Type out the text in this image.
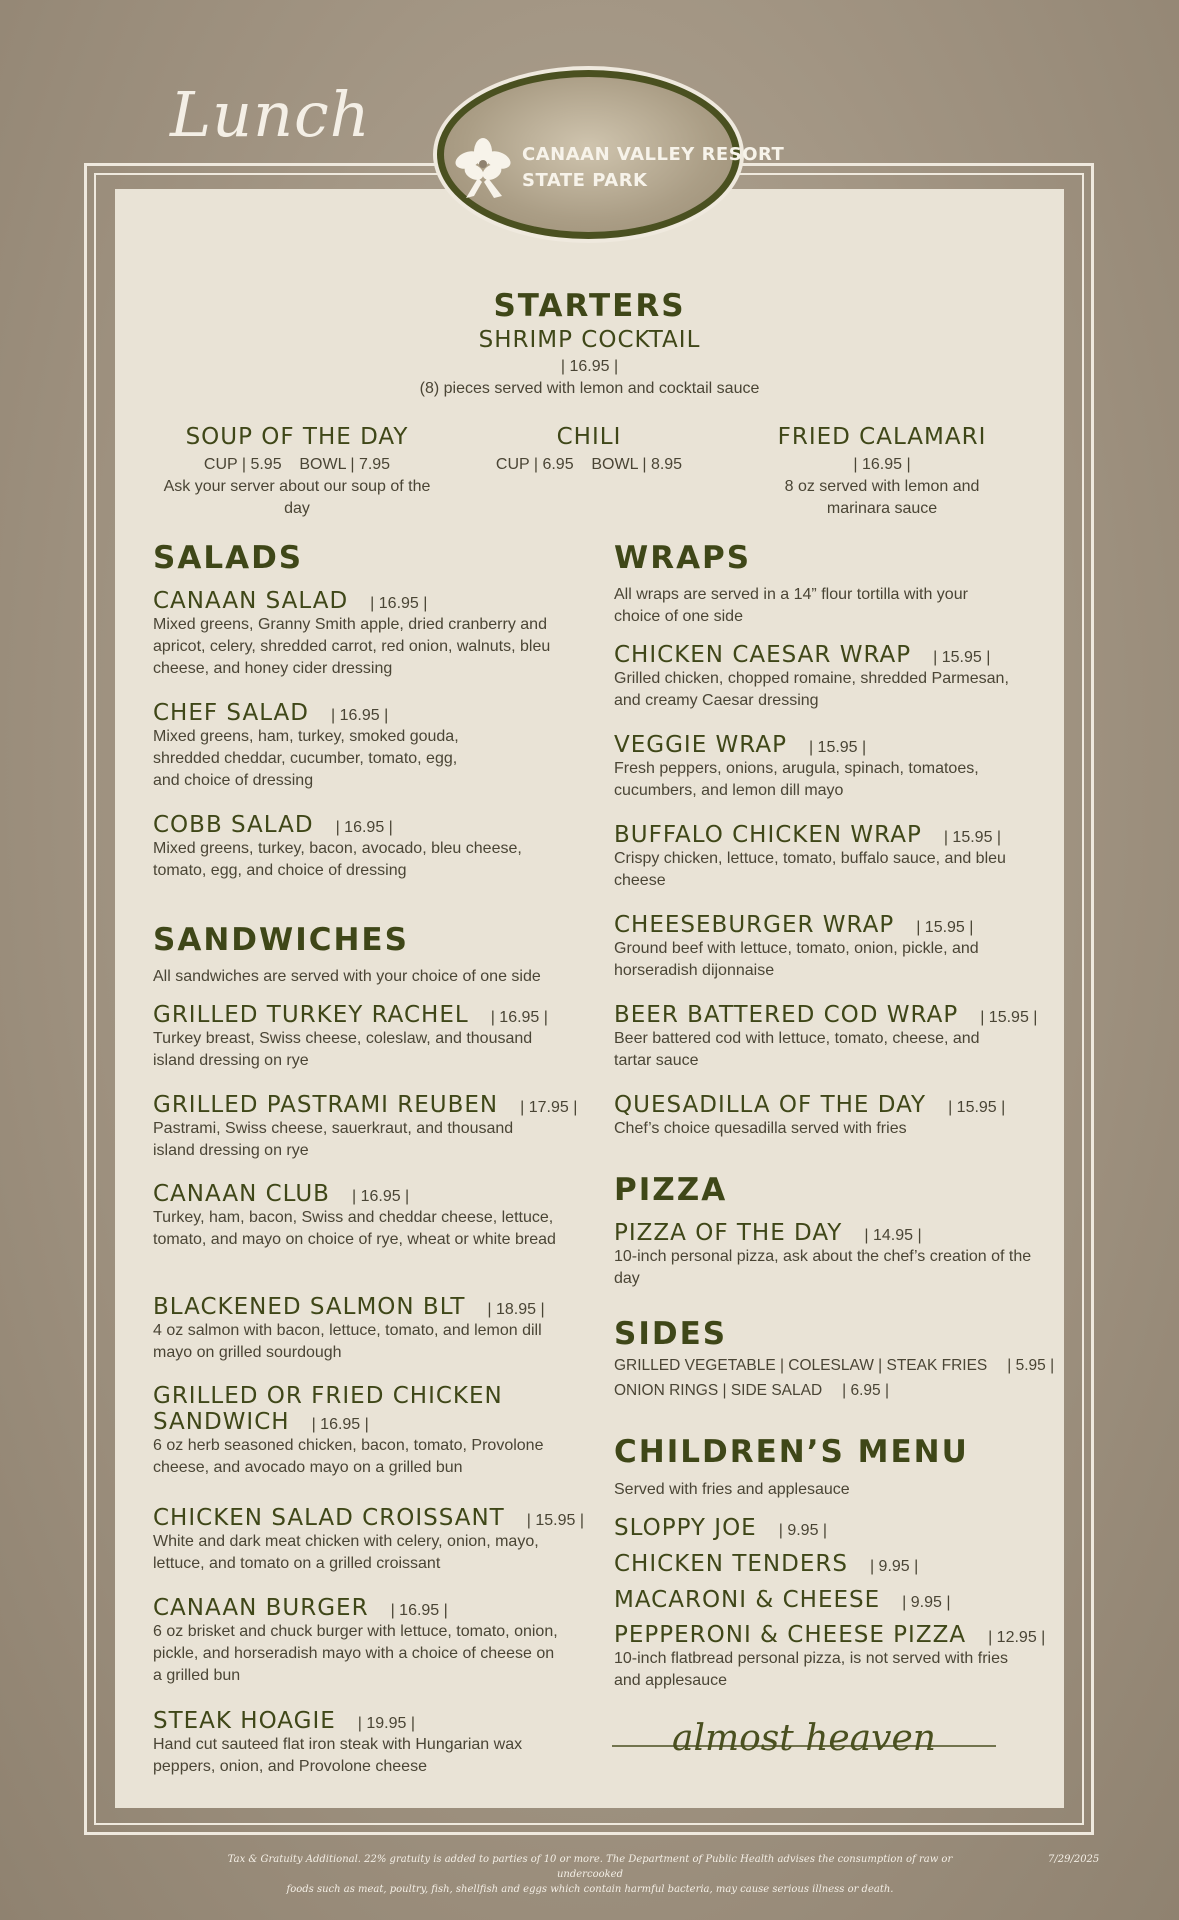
Lunch
CANAAN VALLEY RESORT
STATE PARK
STARTERS
SHRIMP COCKTAIL
| 16.95 |
(8) pieces served with lemon and cocktail sauce
SOUP OF THE DAY
CUP | 5.95    BOWL | 7.95
Ask your server about our soup of the day
CHILI
CUP | 6.95    BOWL | 8.95
FRIED CALAMARI
| 16.95 |
8 oz served with lemon and marinara sauce
SALADS
CANAAN SALAD | 16.95 |
Mixed greens, Granny Smith apple, dried cranberry and apricot, celery, shredded carrot, red onion, walnuts, bleu cheese, and honey cider dressing
CHEF SALAD | 16.95 |
Mixed greens, ham, turkey, smoked gouda, shredded cheddar, cucumber, tomato, egg, and choice of dressing
COBB SALAD | 16.95 |
Mixed greens, turkey, bacon, avocado, bleu cheese, tomato, egg, and choice of dressing
SANDWICHES
All sandwiches are served with your choice of one side
GRILLED TURKEY RACHEL | 16.95 |
Turkey breast, Swiss cheese, coleslaw, and thousand island dressing on rye
GRILLED PASTRAMI REUBEN | 17.95 |
Pastrami, Swiss cheese, sauerkraut, and thousand island dressing on rye
CANAAN CLUB | 16.95 |
Turkey, ham, bacon, Swiss and cheddar cheese, lettuce, tomato, and mayo on choice of rye, wheat or white bread
BLACKENED SALMON BLT | 18.95 |
4 oz salmon with bacon, lettuce, tomato, and lemon dill mayo on grilled sourdough
GRILLED OR FRIED CHICKEN
SANDWICH | 16.95 |
6 oz herb seasoned chicken, bacon, tomato, Provolone cheese, and avocado mayo on a grilled bun
CHICKEN SALAD CROISSANT | 15.95 |
White and dark meat chicken with celery, onion, mayo, lettuce, and tomato on a grilled croissant
CANAAN BURGER | 16.95 |
6 oz brisket and chuck burger with lettuce, tomato, onion, pickle, and horseradish mayo with a choice of cheese on a grilled bun
STEAK HOAGIE | 19.95 |
Hand cut sauteed flat iron steak with Hungarian wax peppers, onion, and Provolone cheese
WRAPS
All wraps are served in a 14” flour tortilla with your choice of one side
CHICKEN CAESAR WRAP | 15.95 |
Grilled chicken, chopped romaine, shredded Parmesan, and creamy Caesar dressing
VEGGIE WRAP | 15.95 |
Fresh peppers, onions, arugula, spinach, tomatoes, cucumbers, and lemon dill mayo
BUFFALO CHICKEN WRAP | 15.95 |
Crispy chicken, lettuce, tomato, buffalo sauce, and bleu cheese
CHEESEBURGER WRAP | 15.95 |
Ground beef with lettuce, tomato, onion, pickle, and horseradish dijonnaise
BEER BATTERED COD WRAP | 15.95 |
Beer battered cod with lettuce, tomato, cheese, and tartar sauce
QUESADILLA OF THE DAY | 15.95 |
Chef’s choice quesadilla served with fries
PIZZA
PIZZA OF THE DAY | 14.95 |
10-inch personal pizza, ask about the chef’s creation of the day
SIDES
GRILLED VEGETABLE | COLESLAW | STEAK FRIES | 5.95 |
ONION RINGS | SIDE SALAD | 6.95 |
CHILDREN’S MENU
Served with fries and applesauce
SLOPPY JOE | 9.95 |
CHICKEN TENDERS | 9.95 |
MACARONI & CHEESE | 9.95 |
PEPPERONI & CHEESE PIZZA | 12.95 |
10-inch flatbread personal pizza, is not served with fries and applesauce
almost heaven
Tax & Gratuity Additional. 22% gratuity is added to parties of 10 or more. The Department of Public Health advises the consumption of raw or undercooked
foods such as meat, poultry, fish, shellfish and eggs which contain harmful bacteria, may cause serious illness or death.
7/29/2025
